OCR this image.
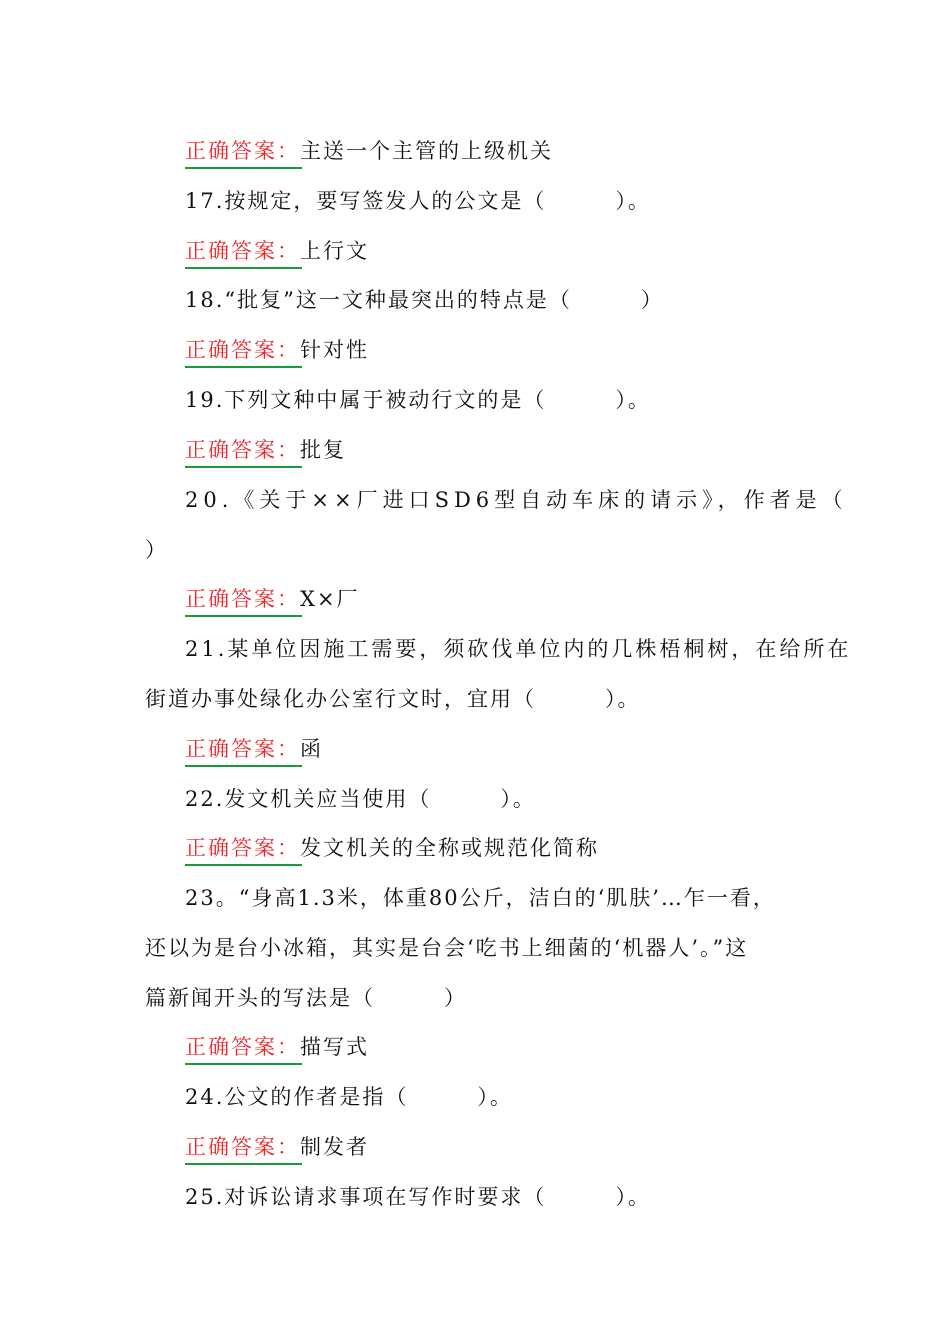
正确答案：主送一个主管的上级机关
17.按规定，要写签发人的公文是（　　　）。
正确答案：上行文
18.“批复”这一文种最突出的特点是（　　　）
正确答案：针对性
19.下列文种中属于被动行文的是（　　　）。
正确答案：批复
20.《关于××厂进口SD6型自动车床的请示》，作者是（
）
正确答案：X×厂
21.某单位因施工需要，须砍伐单位内的几株梧桐树，在给所在
街道办事处绿化办公室行文时，宜用（　　　）。
正确答案：函
22.发文机关应当使用（　　　）。
正确答案：发文机关的全称或规范化简称
23。“身高1.3米，体重80公斤，洁白的‘肌肤’…乍一看，
还以为是台小冰箱，其实是台会‘吃书上细菌的‘机器人’。”这
篇新闻开头的写法是（　　　）
正确答案：描写式
24.公文的作者是指（　　　）。
正确答案：制发者
25.对诉讼请求事项在写作时要求（　　　）。
